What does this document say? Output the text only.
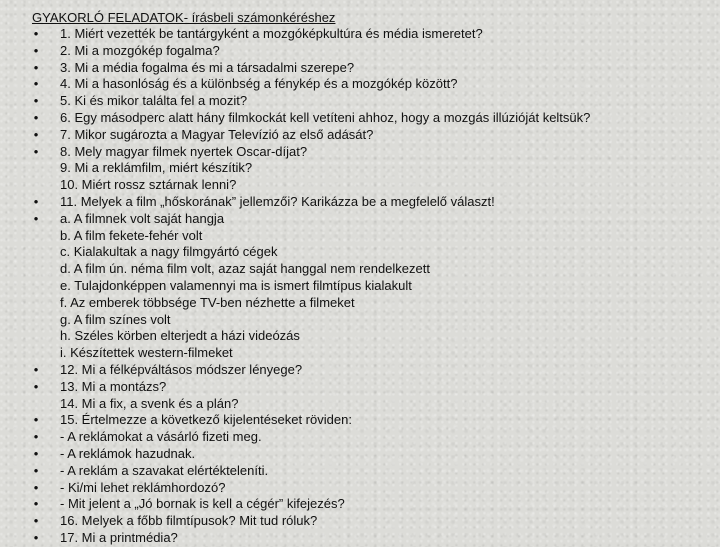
GYAKORLÓ FELADATOK- írásbeli számonkéréshez
• 1. Miért vezették be tantárgyként a mozgóképkultúra és média ismeretet?
• 2. Mi a mozgókép fogalma?
• 3. Mi a média fogalma és mi a társadalmi szerepe?
• 4. Mi a hasonlóság és a különbség a fénykép és a mozgókép között?
• 5. Ki és mikor találta fel a mozit?
• 6. Egy másodperc alatt hány filmkockát kell vetíteni ahhoz, hogy a mozgás illúzióját keltsük?
• 7. Mikor sugározta a Magyar Televízió az első adását?
• 8. Mely magyar filmek nyertek Oscar-díjat?
9. Mi a reklámfilm, miért készítik?
10. Miért rossz sztárnak lenni?
• 11. Melyek a film „hőskorának” jellemzői? Karikázza be a megfelelő választ!
• a. A filmnek volt saját hangja
b. A film fekete-fehér volt
c. Kialakultak a nagy filmgyártó cégek
d. A film ún. néma film volt, azaz saját hanggal nem rendelkezett
e. Tulajdonképpen valamennyi ma is ismert filmtípus kialakult
f. Az emberek többsége TV-ben nézhette a filmeket
g. A film színes volt
h. Széles körben elterjedt a házi videózás
i. Készítettek western-filmeket
• 12. Mi a félképváltásos módszer lényege?
• 13. Mi a montázs?
14. Mi a fix, a svenk és a plán?
• 15. Értelmezze a következő kijelentéseket röviden:
• - A reklámokat a vásárló fizeti meg.
• - A reklámok hazudnak.
• - A reklám a szavakat elértékteleníti.
• - Ki/mi lehet reklámhordozó?
• - Mit jelent a „Jó bornak is kell a cégér” kifejezés?
• 16. Melyek a főbb filmtípusok? Mit tud róluk?
• 17. Mi a printmédia?
